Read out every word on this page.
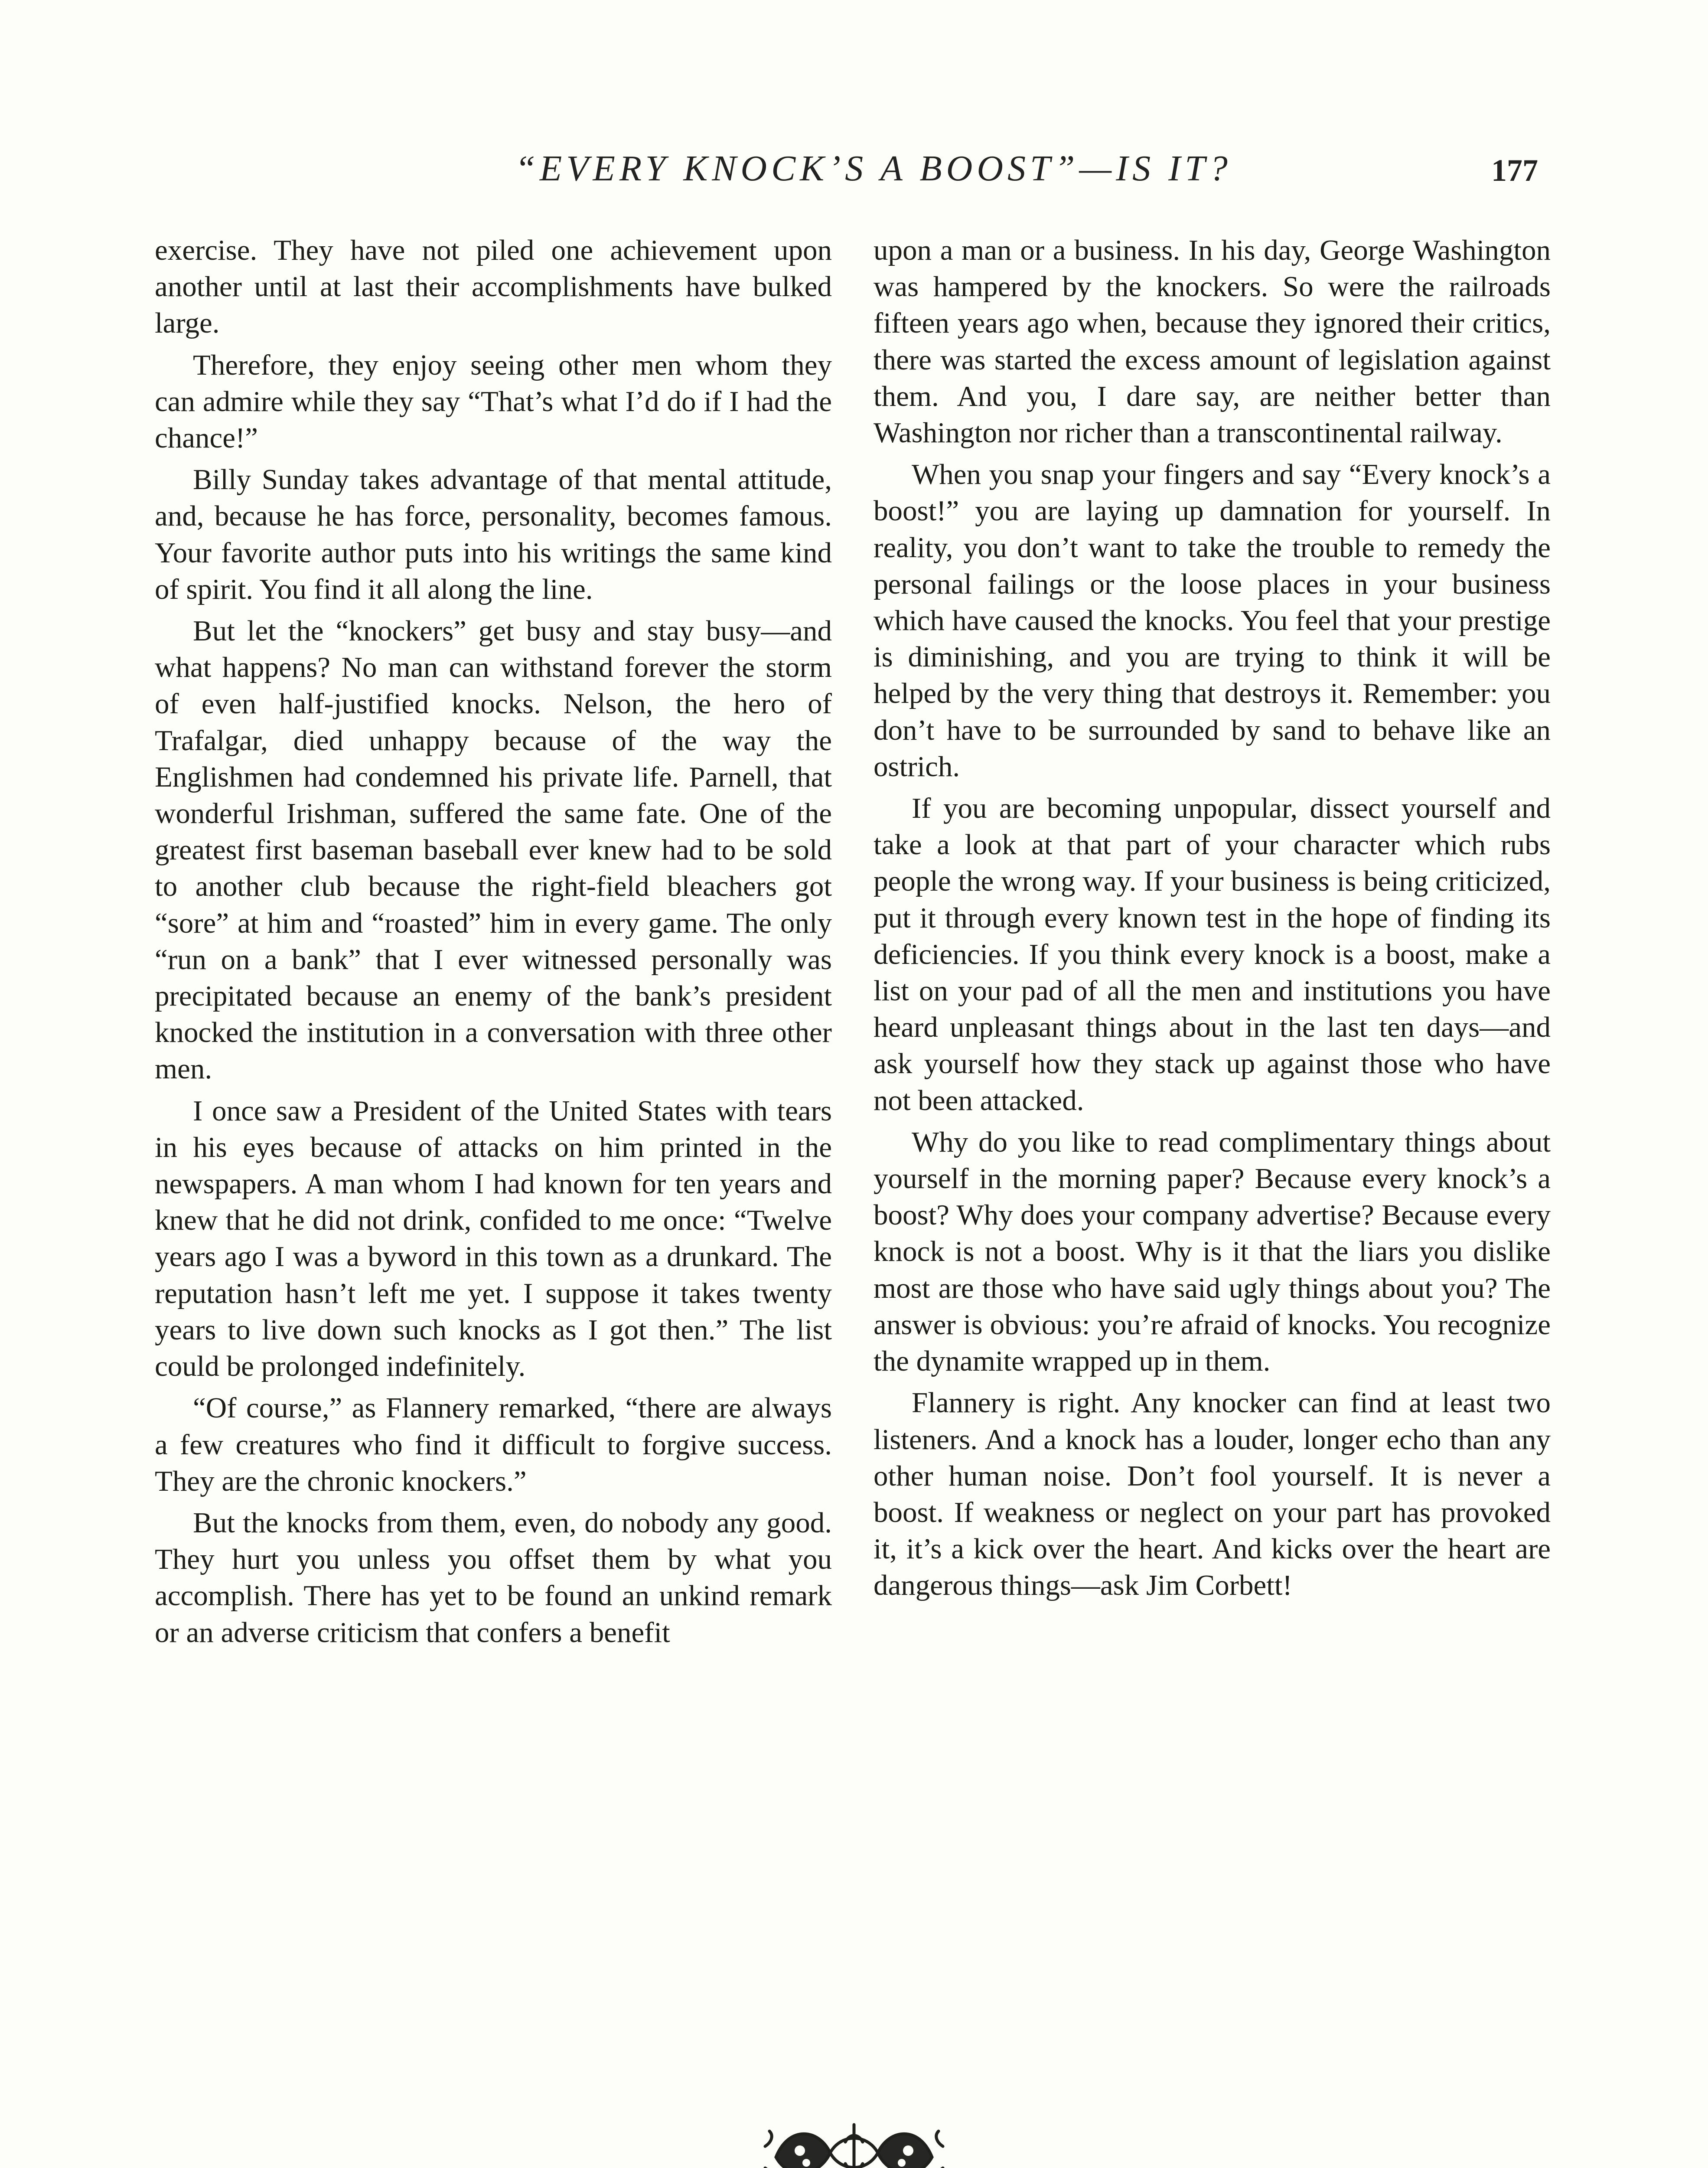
“EVERY KNOCK’S A BOOST”—IS IT?	177

exercise. They have not piled one achievement upon another until at last their accomplishments have bulked large.

Therefore, they enjoy seeing other men whom they can admire while they say “That’s what I’d do if I had the chance!”

Billy Sunday takes advantage of that mental attitude, and, because he has force, personality, becomes famous. Your favorite author puts into his writings the same kind of spirit. You find it all along the line.

But let the “knockers” get busy and stay busy—and what happens? No man can withstand forever the storm of even half-justified knocks. Nelson, the hero of Trafalgar, died unhappy because of the way the Englishmen had condemned his private life. Parnell, that wonderful Irishman, suffered the same fate. One of the greatest first baseman baseball ever knew had to be sold to another club because the right-field bleachers got “sore” at him and “roasted” him in every game. The only “run on a bank” that I ever witnessed personally was precipitated because an enemy of the bank’s president knocked the institution in a conversation with three other men.

I once saw a President of the United States with tears in his eyes because of attacks on him printed in the newspapers. A man whom I had known for ten years and knew that he did not drink, confided to me once: “Twelve years ago I was a byword in this town as a drunkard. The reputation hasn’t left me yet. I suppose it takes twenty years to live down such knocks as I got then.” The list could be prolonged indefinitely.

“Of course,” as Flannery remarked, “there are always a few creatures who find it difficult to forgive success. They are the chronic knockers.”

But the knocks from them, even, do nobody any good. They hurt you unless you offset them by what you accomplish. There has yet to be found an unkind remark or an adverse criticism that confers a benefit

upon a man or a business. In his day, George Washington was hampered by the knockers. So were the railroads fifteen years ago when, because they ignored their critics, there was started the excess amount of legislation against them. And you, I dare say, are neither better than Washington nor richer than a transcontinental railway.

When you snap your fingers and say “Every knock’s a boost!” you are laying up damnation for yourself. In reality, you don’t want to take the trouble to remedy the personal failings or the loose places in your business which have caused the knocks. You feel that your prestige is diminishing, and you are trying to think it will be helped by the very thing that destroys it. Remember: you don’t have to be surrounded by sand to behave like an ostrich.

If you are becoming unpopular, dissect yourself and take a look at that part of your character which rubs people the wrong way. If your business is being criticized, put it through every known test in the hope of finding its deficiencies. If you think every knock is a boost, make a list on your pad of all the men and institutions you have heard unpleasant things about in the last ten days—and ask yourself how they stack up against those who have not been attacked.

Why do you like to read complimentary things about yourself in the morning paper? Because every knock’s a boost? Why does your company advertise? Because every knock is not a boost. Why is it that the liars you dislike most are those who have said ugly things about you? The answer is obvious: you’re afraid of knocks. You recognize the dynamite wrapped up in them.

Flannery is right. Any knocker can find at least two listeners. And a knock has a louder, longer echo than any other human noise. Don’t fool yourself. It is never a boost. If weakness or neglect on your part has provoked it, it’s a kick over the heart. And kicks over the heart are dangerous things—ask Jim Corbett!
